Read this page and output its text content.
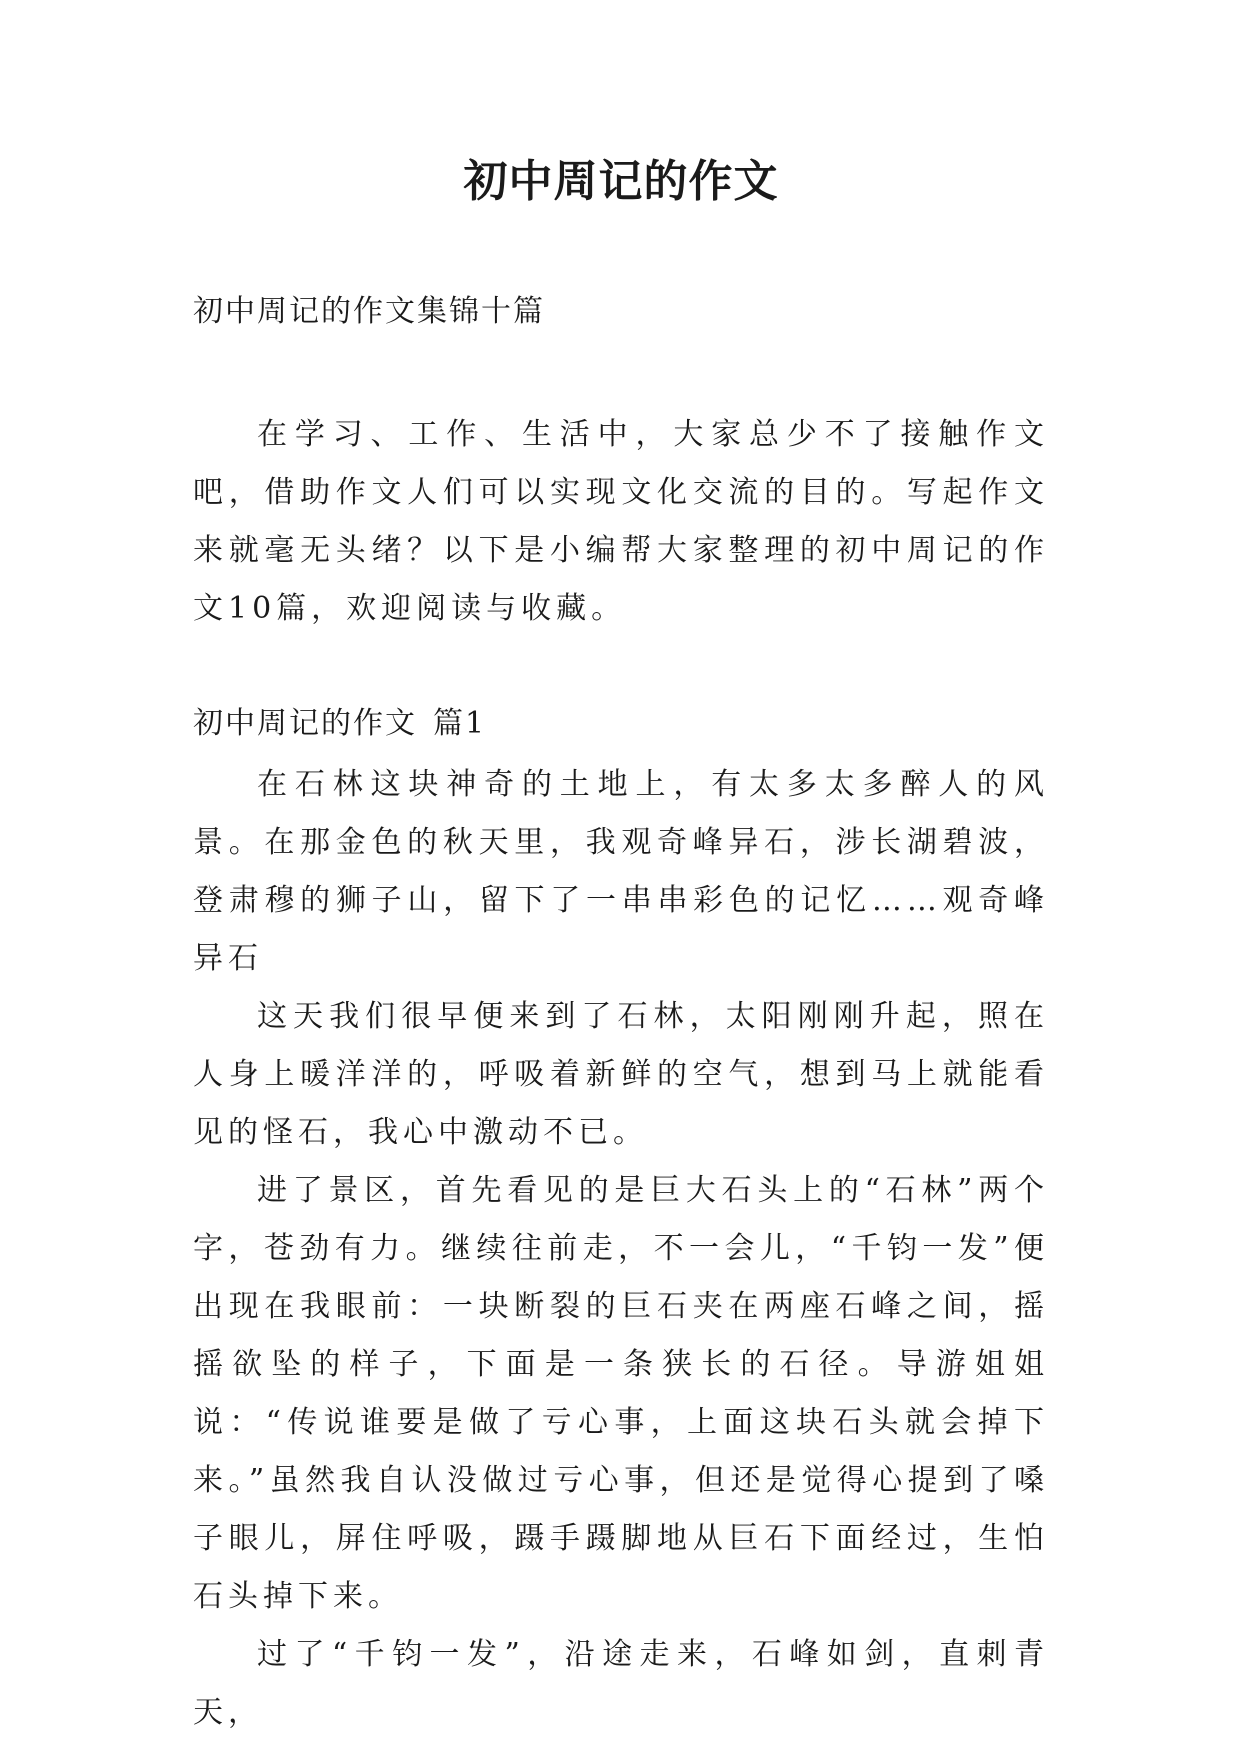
初中周记的作文

初中周记的作文集锦十篇

在学习、工作、生活中，大家总少不了接触作文吧，借助作文人们可以实现文化交流的目的。写起作文来就毫无头绪？以下是小编帮大家整理的初中周记的作文10篇，欢迎阅读与收藏。

初中周记的作文 篇1

在石林这块神奇的土地上，有太多太多醉人的风景。在那金色的秋天里，我观奇峰异石，涉长湖碧波，登肃穆的狮子山，留下了一串串彩色的记忆……观奇峰异石

这天我们很早便来到了石林，太阳刚刚升起，照在人身上暖洋洋的，呼吸着新鲜的空气，想到马上就能看见的怪石，我心中激动不已。

进了景区，首先看见的是巨大石头上的“石林”两个字，苍劲有力。继续往前走，不一会儿，“千钧一发”便出现在我眼前：一块断裂的巨石夹在两座石峰之间，摇摇欲坠的样子，下面是一条狭长的石径。导游姐姐说：“传说谁要是做了亏心事，上面这块石头就会掉下来。”虽然我自认没做过亏心事，但还是觉得心提到了嗓子眼儿，屏住呼吸，蹑手蹑脚地从巨石下面经过，生怕石头掉下来。

过了“千钧一发”，沿途走来，石峰如剑，直刺青天，
